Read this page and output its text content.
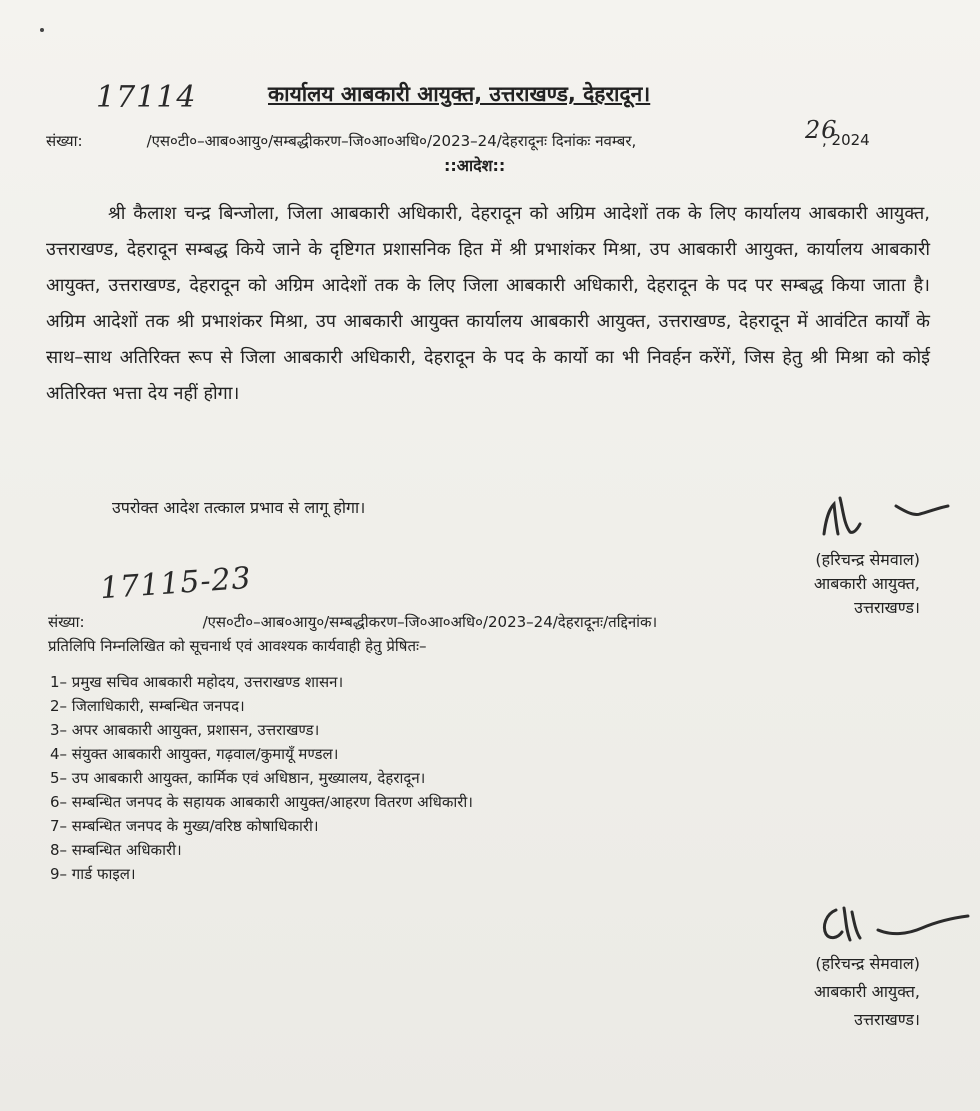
17114	कार्यालय आबकारी आयुक्त, उत्तराखण्ड, देहरादून।
संख्या:	/एस०टी०–आब०आयु०/सम्बद्धीकरण–जि०आ०अधि०/2023–24/देहरादूनः दिनांकः नवम्बर,	26
, 2024
::आदेश::

श्री कैलाश चन्द्र बिन्जोला, जिला आबकारी अधिकारी, देहरादून को अग्रिम आदेशों तक के लिए कार्यालय आबकारी आयुक्त, उत्तराखण्ड, देहरादून सम्बद्ध किये जाने के दृष्टिगत प्रशासनिक हित में श्री प्रभाशंकर मिश्रा, उप आबकारी आयुक्त, कार्यालय आबकारी आयुक्त, उत्तराखण्ड, देहरादून को अग्रिम आदेशों तक के लिए जिला आबकारी अधिकारी, देहरादून के पद पर सम्बद्ध किया जाता है। अग्रिम आदेशों तक श्री प्रभाशंकर मिश्रा, उप आबकारी आयुक्त कार्यालय आबकारी आयुक्त, उत्तराखण्ड, देहरादून में आवंटित कार्यों के साथ–साथ अतिरिक्त रूप से जिला आबकारी अधिकारी, देहरादून के पद के कार्यो का भी निवर्हन करेंगें, जिस हेतु श्री मिश्रा को कोई अतिरिक्त भत्ता देय नहीं होगा।

उपरोक्त आदेश तत्काल प्रभाव से लागू होगा।
(हरिचन्द्र सेमवाल)
आबकारी आयुक्त,
उत्तराखण्ड।
17115-23
संख्या:	/एस०टी०–आब०आयु०/सम्बद्धीकरण–जि०आ०अधि०/2023–24/देहरादूनः/तद्दिनांक।
प्रतिलिपि निम्नलिखित को सूचनार्थ एवं आवश्यक कार्यवाही हेतु प्रेषितः–
1– प्रमुख सचिव आबकारी महोदय, उत्तराखण्ड शासन।
2– जिलाधिकारी, सम्बन्धित जनपद।
3– अपर आबकारी आयुक्त, प्रशासन, उत्तराखण्ड।
4– संयुक्त आबकारी आयुक्त, गढ़वाल/कुमायूँ मण्डल।
5– उप आबकारी आयुक्त, कार्मिक एवं अधिष्ठान, मुख्यालय, देहरादून।
6– सम्बन्धित जनपद के सहायक आबकारी आयुक्त/आहरण वितरण अधिकारी।
7– सम्बन्धित जनपद के मुख्य/वरिष्ठ कोषाधिकारी।
8– सम्बन्धित अधिकारी।
9– गार्ड फाइल।
(हरिचन्द्र सेमवाल)
आबकारी आयुक्त,
उत्तराखण्ड।
